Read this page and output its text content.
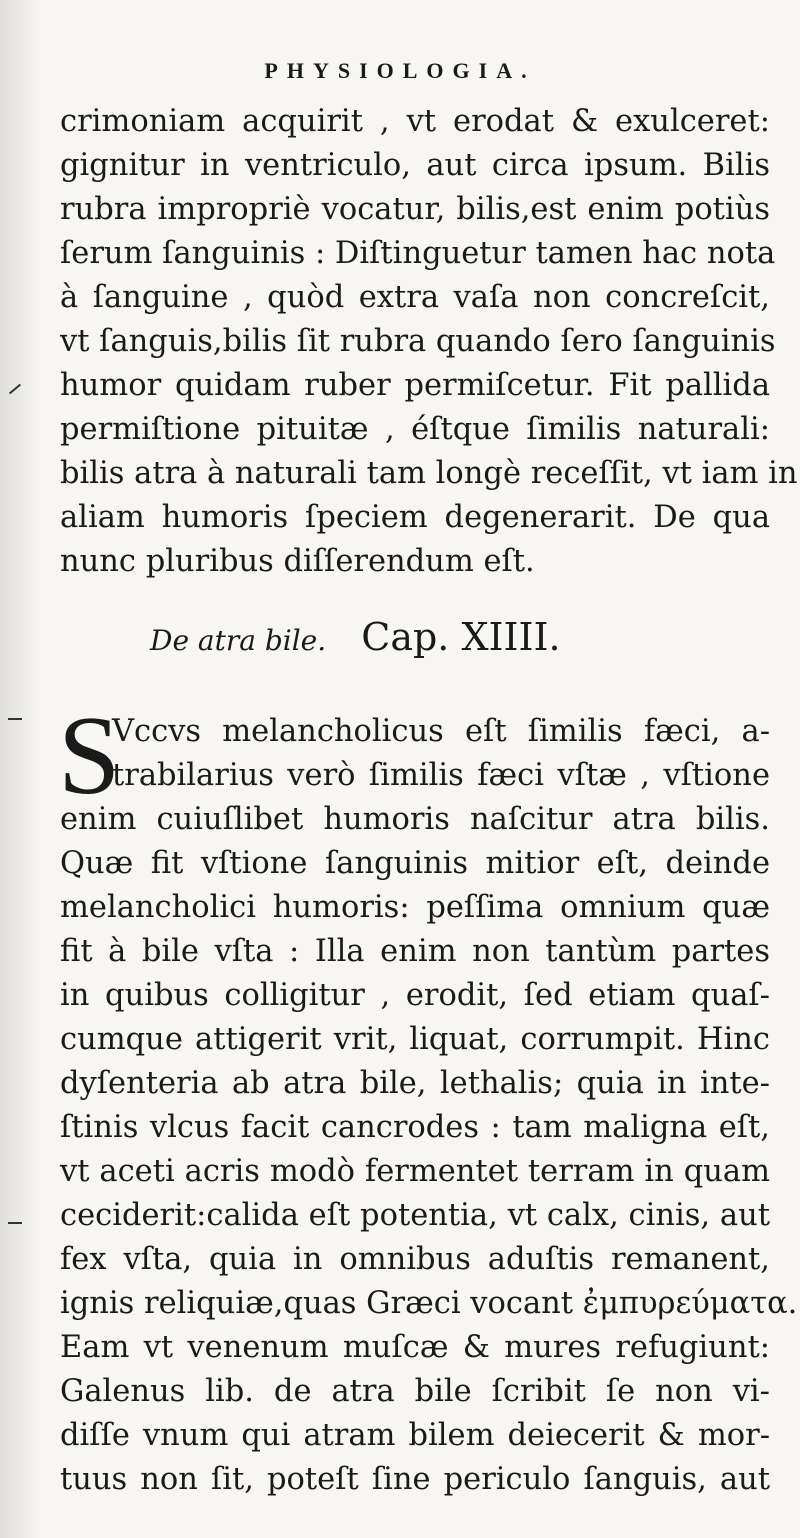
PHYSIOLOGIA.
crimoniam acquirit , vt erodat & exulceret:
gignitur in ventriculo, aut circa ipsum. Bilis
rubra impropriè vocatur, bilis,est enim potiùs
ſerum ſanguinis : Diſtinguetur tamen hac nota
à ſanguine , quòd extra vaſa non concreſcit,
vt ſanguis,bilis ſit rubra quando ſero ſanguinis
humor quidam ruber permiſcetur. Fit pallida
permiſtione pituitæ , éſtque ſimilis naturali:
bilis atra à naturali tam longè receſſit, vt iam in
aliam humoris ſpeciem degenerarit. De qua
nunc pluribus diſſerendum eſt.
De atra bile. Cap. XIIII.
S
Vccvs melancholicus eſt ſimilis fæci, a-
trabilarius verò ſimilis fæci vſtæ , vſtione
enim cuiuſlibet humoris naſcitur atra bilis.
Quæ fit vſtione ſanguinis mitior eſt, deinde
melancholici humoris: peſſima omnium quæ
fit à bile vſta : Illa enim non tantùm partes
in quibus colligitur , erodit, ſed etiam quaſ-
cumque attigerit vrit, liquat, corrumpit. Hinc
dyſenteria ab atra bile, lethalis; quia in inte-
ſtinis vlcus facit cancrodes : tam maligna eſt,
vt aceti acris modò fermentet terram in quam
ceciderit:calida eſt potentia, vt calx, cinis, aut
fex vſta, quia in omnibus aduſtis remanent,
ignis reliquiæ,quas Græci vocant ἐμπυρεύματα.
Eam vt venenum muſcæ & mures refugiunt:
Galenus lib. de atra bile ſcribit ſe non vi-
diſſe vnum qui atram bilem deiecerit & mor-
tuus non ſit, poteſt ſine periculo ſanguis, aut
